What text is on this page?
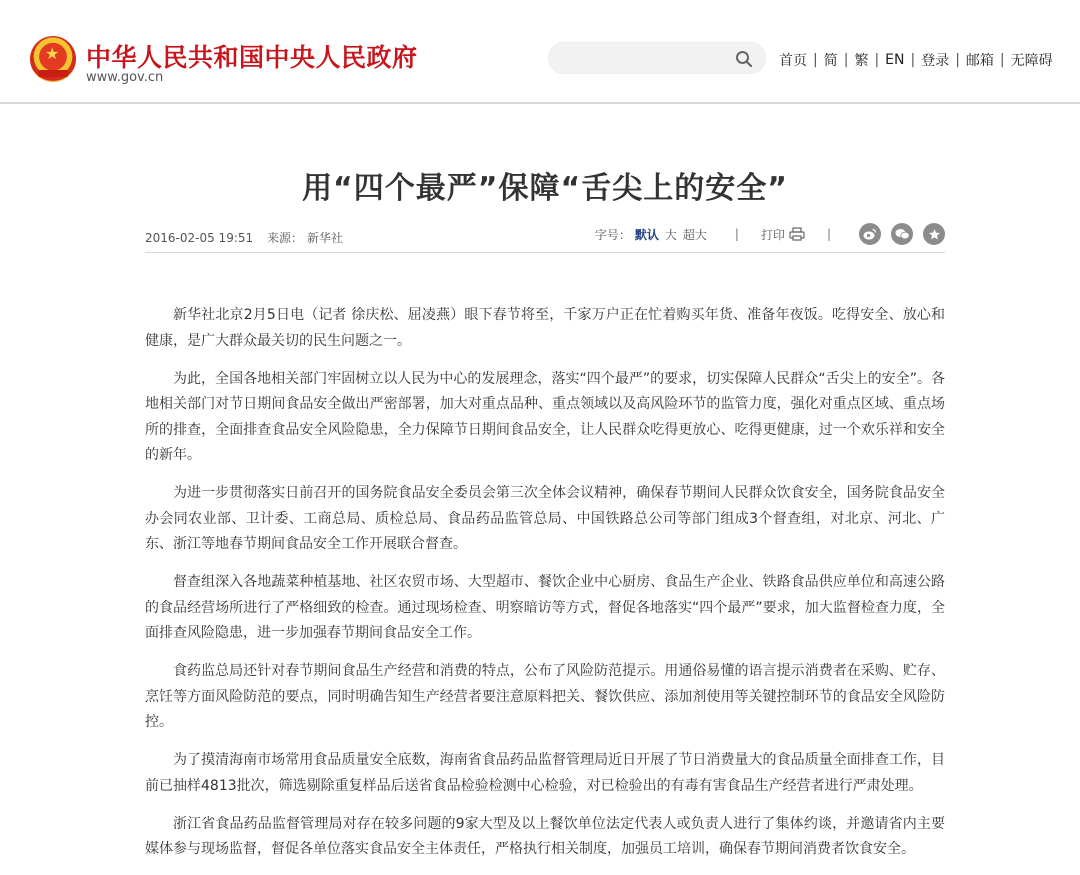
★ 中华人民共和国中央人民政府
www.gov.cn
首页 | 简 | 繁 | EN | 登录 | 邮箱 | 无障碍
用“四个最严”保障“舌尖上的安全”
2016-02-05 19:51 来源： 新华社	字号： 默认 大 超大 | 打印	|

新华社北京2月5日电（记者 徐庆松、屈凌燕）眼下春节将至，千家万户正在忙着购买年货、准备年夜饭。吃得安全、放心和健康，是广大群众最关切的民生问题之一。

为此，全国各地相关部门牢固树立以人民为中心的发展理念，落实“四个最严”的要求，切实保障人民群众“舌尖上的安全”。各地相关部门对节日期间食品安全做出严密部署，加大对重点品种、重点领域以及高风险环节的监管力度，强化对重点区域、重点场所的排查，全面排查食品安全风险隐患，全力保障节日期间食品安全，让人民群众吃得更放心、吃得更健康，过一个欢乐祥和安全的新年。

为进一步贯彻落实日前召开的国务院食品安全委员会第三次全体会议精神，确保春节期间人民群众饮食安全，国务院食品安全办会同农业部、卫计委、工商总局、质检总局、食品药品监管总局、中国铁路总公司等部门组成3个督查组，对北京、河北、广东、浙江等地春节期间食品安全工作开展联合督查。

督查组深入各地蔬菜种植基地、社区农贸市场、大型超市、餐饮企业中心厨房、食品生产企业、铁路食品供应单位和高速公路的食品经营场所进行了严格细致的检查。通过现场检查、明察暗访等方式，督促各地落实“四个最严”要求，加大监督检查力度，全面排查风险隐患，进一步加强春节期间食品安全工作。

食药监总局还针对春节期间食品生产经营和消费的特点，公布了风险防范提示。用通俗易懂的语言提示消费者在采购、贮存、烹饪等方面风险防范的要点，同时明确告知生产经营者要注意原料把关、餐饮供应、添加剂使用等关键控制环节的食品安全风险防控。

为了摸清海南市场常用食品质量安全底数，海南省食品药品监督管理局近日开展了节日消费量大的食品质量全面排查工作，目前已抽样4813批次，筛选剔除重复样品后送省食品检验检测中心检验，对已检验出的有毒有害食品生产经营者进行严肃处理。

浙江省食品药品监督管理局对存在较多问题的9家大型及以上餐饮单位法定代表人或负责人进行了集体约谈，并邀请省内主要媒体参与现场监督，督促各单位落实食品安全主体责任，严格执行相关制度，加强员工培训，确保春节期间消费者饮食安全。
